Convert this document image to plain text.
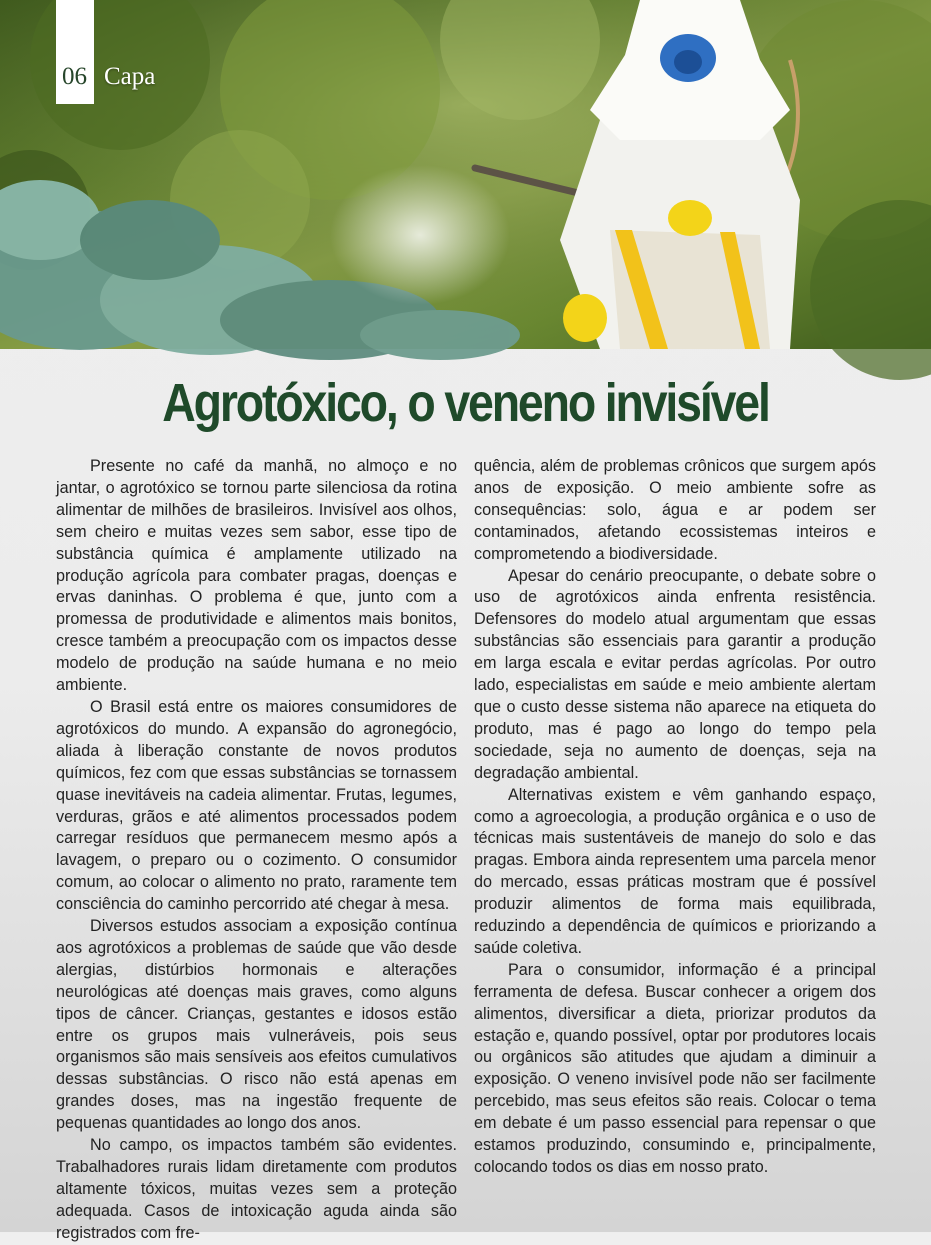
06 Capa
Agrotóxico, o veneno invisível

Presente no café da manhã, no almoço e no jantar, o agrotóxico se tornou parte silenciosa da rotina alimentar de milhões de brasileiros. Invisível aos olhos, sem cheiro e muitas vezes sem sabor, esse tipo de substância química é amplamente utilizado na produção agrícola para combater pragas, doenças e ervas daninhas. O problema é que, junto com a promessa de produtividade e alimentos mais bonitos, cresce também a preocupação com os impactos desse modelo de produção na saúde humana e no meio ambiente.

O Brasil está entre os maiores consumidores de agrotóxicos do mundo. A expansão do agronegócio, aliada à liberação constante de novos produtos químicos, fez com que essas substâncias se tornassem quase inevitáveis na cadeia alimentar. Frutas, legumes, verduras, grãos e até alimentos processados podem carregar resíduos que permanecem mesmo após a lavagem, o preparo ou o cozimento. O consumidor comum, ao colocar o alimento no prato, raramente tem consciência do caminho percorrido até chegar à mesa.

Diversos estudos associam a exposição contínua aos agrotóxicos a problemas de saúde que vão desde alergias, distúrbios hormonais e alterações neurológicas até doenças mais graves, como alguns tipos de câncer. Crianças, gestantes e idosos estão entre os grupos mais vulneráveis, pois seus organismos são mais sensíveis aos efeitos cumulativos dessas substâncias. O risco não está apenas em grandes doses, mas na ingestão frequente de pequenas quantidades ao longo dos anos.

No campo, os impactos também são evidentes. Trabalhadores rurais lidam diretamente com produtos altamente tóxicos, muitas vezes sem a proteção adequada. Casos de intoxicação aguda ainda são registrados com fre-

quência, além de problemas crônicos que surgem após anos de exposição. O meio ambiente sofre as consequências: solo, água e ar podem ser contaminados, afetando ecossistemas inteiros e comprometendo a biodiversidade.

Apesar do cenário preocupante, o debate sobre o uso de agrotóxicos ainda enfrenta resistência. Defensores do modelo atual argumentam que essas substâncias são essenciais para garantir a produção em larga escala e evitar perdas agrícolas. Por outro lado, especialistas em saúde e meio ambiente alertam que o custo desse sistema não aparece na etiqueta do produto, mas é pago ao longo do tempo pela sociedade, seja no aumento de doenças, seja na degradação ambiental.

Alternativas existem e vêm ganhando espaço, como a agroecologia, a produção orgânica e o uso de técnicas mais sustentáveis de manejo do solo e das pragas. Embora ainda representem uma parcela menor do mercado, essas práticas mostram que é possível produzir alimentos de forma mais equilibrada, reduzindo a dependência de químicos e priorizando a saúde coletiva.

Para o consumidor, informação é a principal ferramenta de defesa. Buscar conhecer a origem dos alimentos, diversificar a dieta, priorizar produtos da estação e, quando possível, optar por produtores locais ou orgânicos são atitudes que ajudam a diminuir a exposição. O veneno invisível pode não ser facilmente percebido, mas seus efeitos são reais. Colocar o tema em debate é um passo essencial para repensar o que estamos produzindo, consumindo e, principalmente, colocando todos os dias em nosso prato.
